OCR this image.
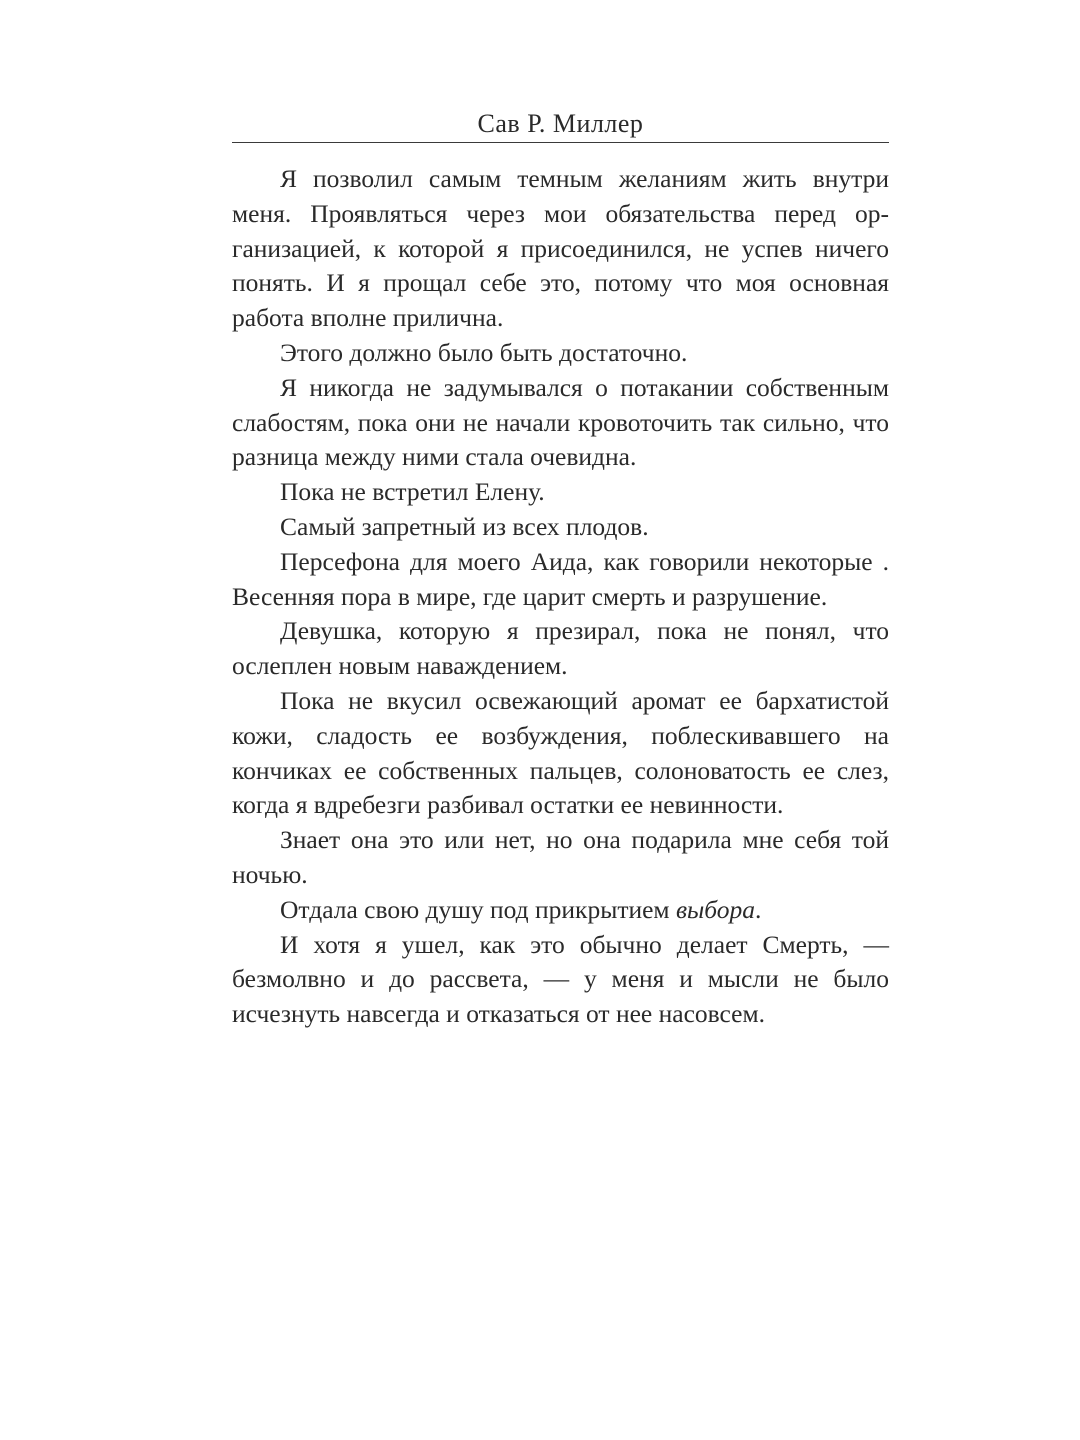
Сав Р. Миллер

Я позволил самым темным желаниям жить внутри меня. Проявляться через мои обязательства перед организацией, к которой я присоединился, не успев ничего понять. И я прощал себе это, потому что моя основная работа вполне прилична.

Этого должно было быть достаточно.

Я никогда не задумывался о потакании собственным слабостям, пока они не начали кровоточить так сильно, что разница между ними стала очевидна.

Пока не встретил Елену.

Самый запретный из всех плодов.

Персефона для моего Аида, как говорили некоторые . Весенняя пора в мире, где царит смерть и разрушение.

Девушка, которую я презирал, пока не понял, что ослеплен новым наваждением.

Пока не вкусил освежающий аромат ее бархатистой кожи, сладость ее возбуждения, поблескивавшего на кончиках ее собственных пальцев, солоноватость ее слез, когда я вдребезги разбивал остатки ее невинности.

Знает она это или нет, но она подарила мне себя той ночью.

Отдала свою душу под прикрытием выбора.

И хотя я ушел, как это обычно делает Смерть, — безмолвно и до рассвета, — у меня и мысли не было исчезнуть навсегда и отказаться от нее насовсем.
